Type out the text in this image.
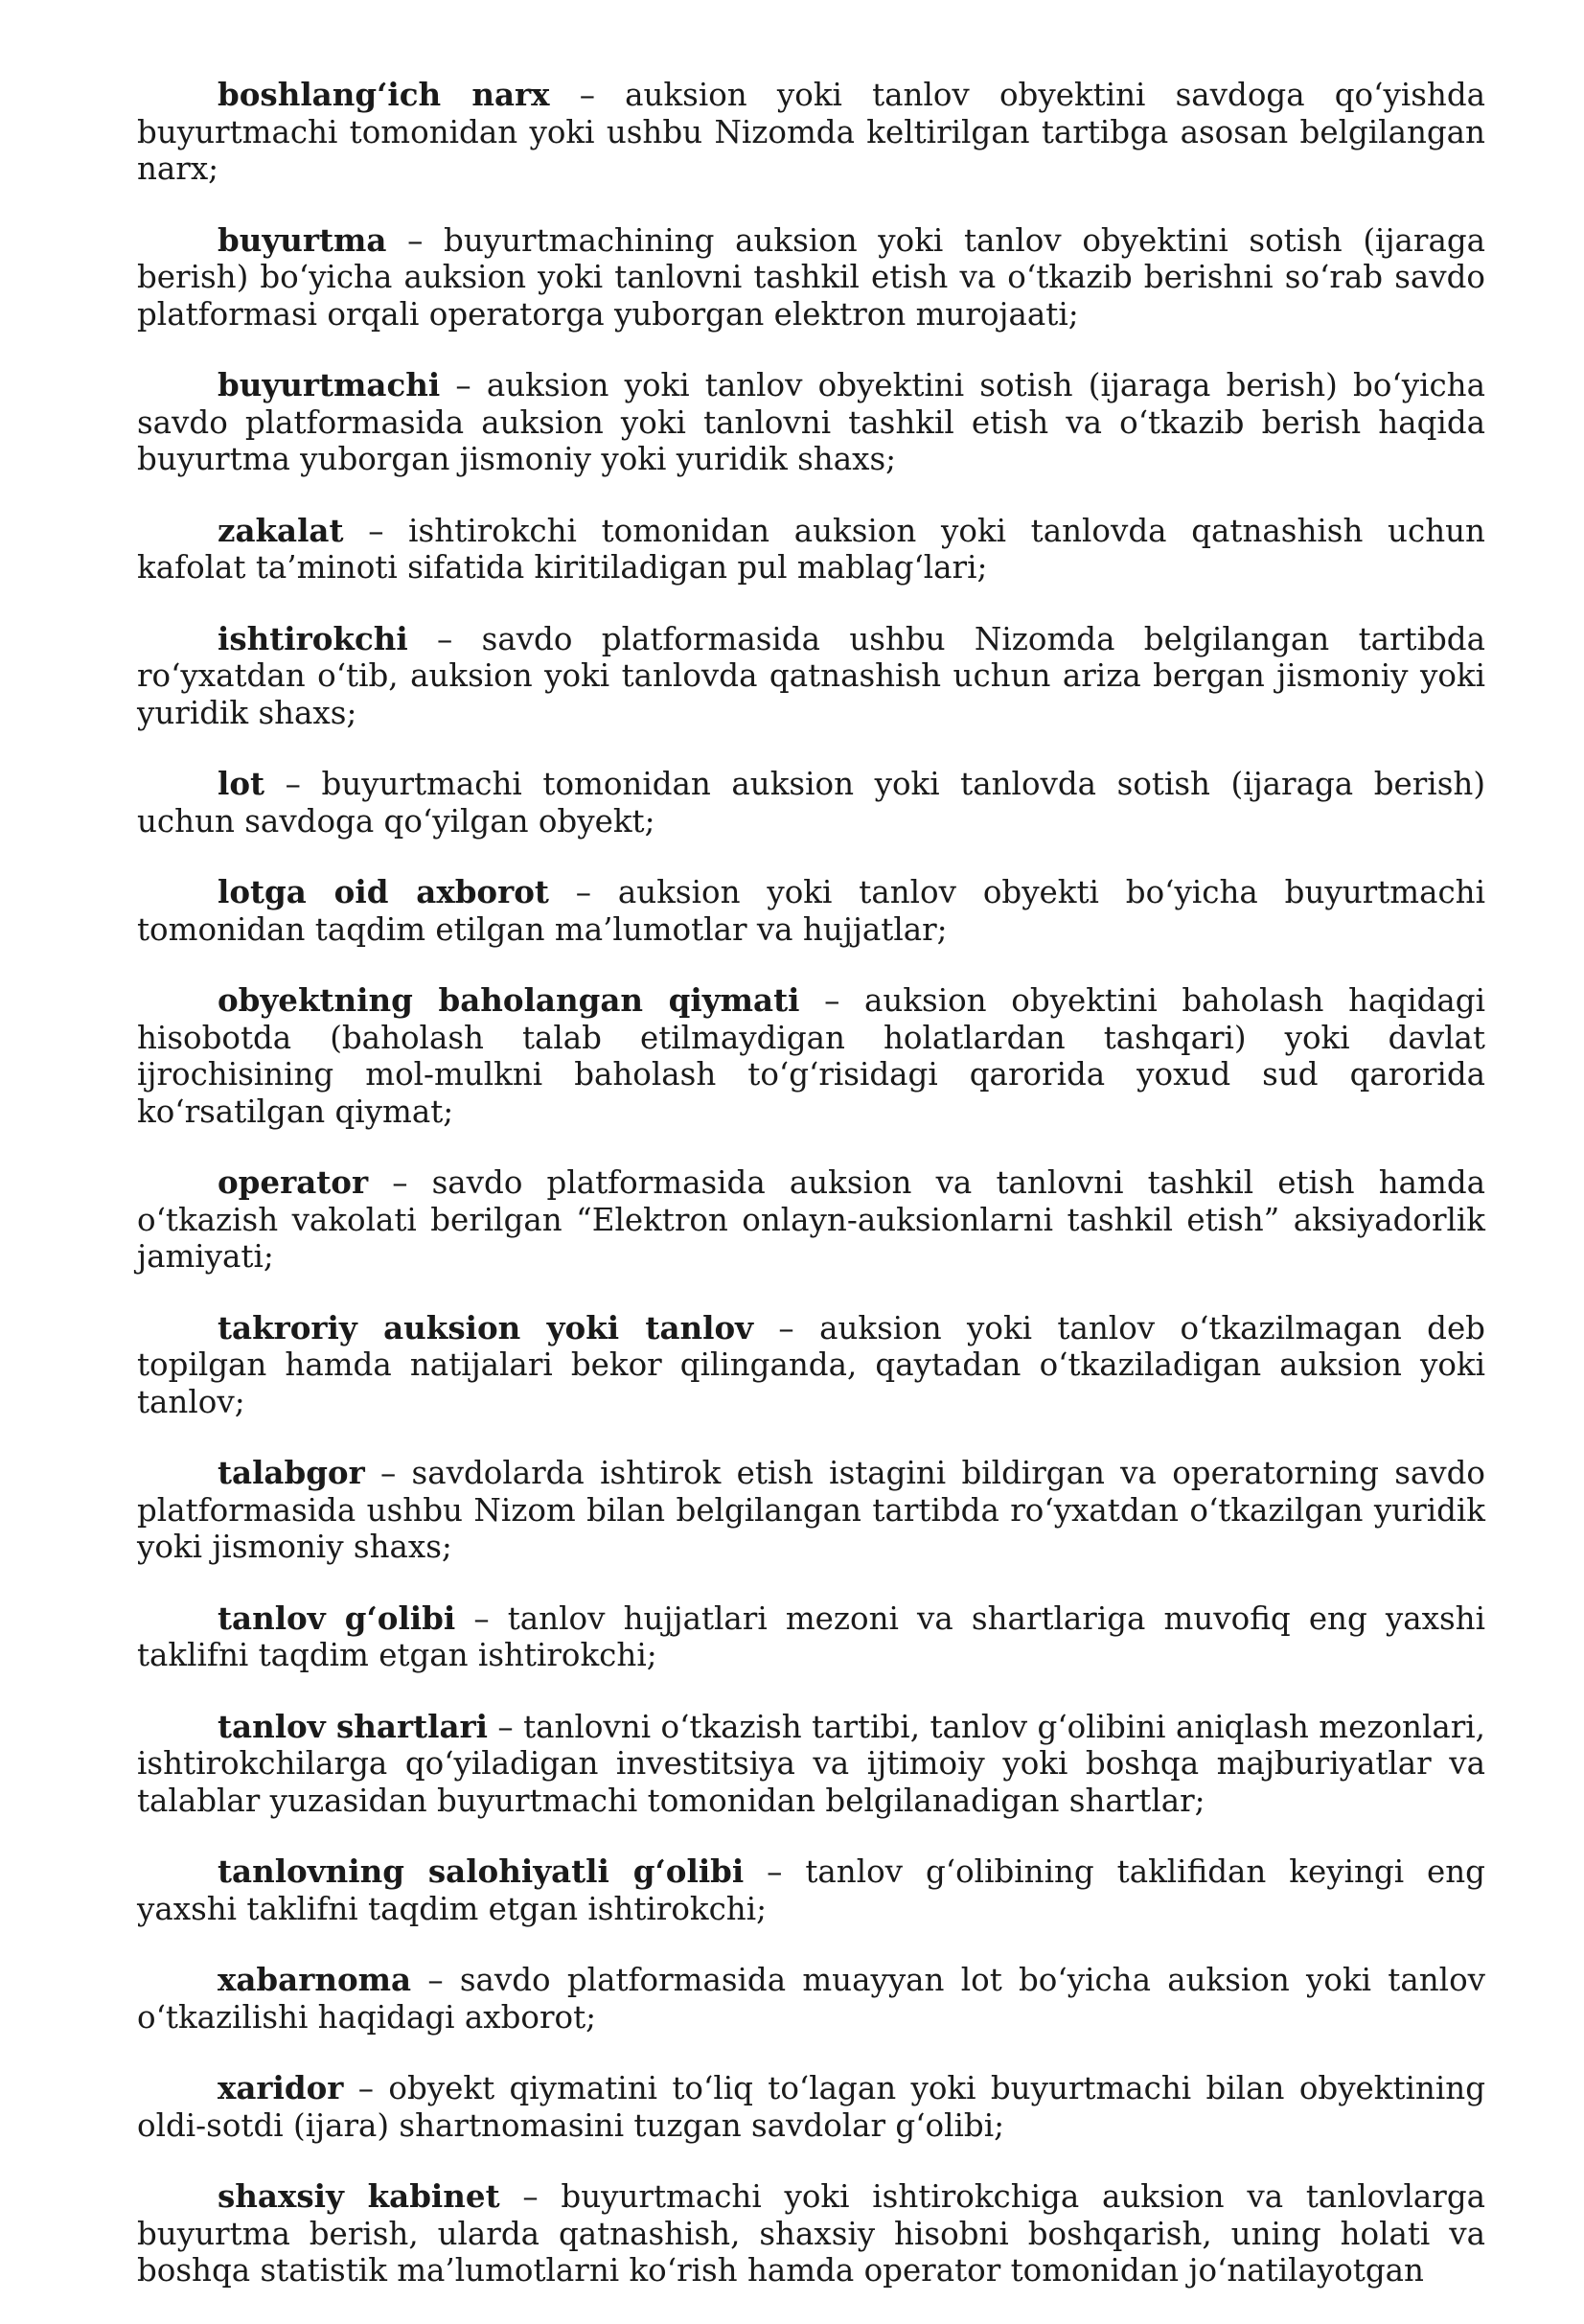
boshlang‘ich narx – auksion yoki tanlov obyektini savdoga qo‘yishda buyurtmachi tomonidan yoki ushbu Nizomda keltirilgan tartibga asosan belgilangan narx;

buyurtma – buyurtmachining auksion yoki tanlov obyektini sotish (ijaraga berish) bo‘yicha auksion yoki tanlovni tashkil etish va o‘tkazib berishni so‘rab savdo platformasi orqali operatorga yuborgan elektron murojaati;

buyurtmachi – auksion yoki tanlov obyektini sotish (ijaraga berish) bo‘yicha savdo platformasida auksion yoki tanlovni tashkil etish va o‘tkazib berish haqida buyurtma yuborgan jismoniy yoki yuridik shaxs;

zakalat – ishtirokchi tomonidan auksion yoki tanlovda qatnashish uchun kafolat ta’minoti sifatida kiritiladigan pul mablag‘lari;

ishtirokchi – savdo platformasida ushbu Nizomda belgilangan tartibda ro‘yxatdan o‘tib, auksion yoki tanlovda qatnashish uchun ariza bergan jismoniy yoki yuridik shaxs;

lot – buyurtmachi tomonidan auksion yoki tanlovda sotish (ijaraga berish) uchun savdoga qo‘yilgan obyekt;

lotga oid axborot – auksion yoki tanlov obyekti bo‘yicha buyurtmachi tomonidan taqdim etilgan ma’lumotlar va hujjatlar;

obyektning baholangan qiymati – auksion obyektini baholash haqidagi hisobotda (baholash talab etilmaydigan holatlardan tashqari) yoki davlat ijrochisining mol-mulkni baholash to‘g‘risidagi qarorida yoxud sud qarorida ko‘rsatilgan qiymat;

operator – savdo platformasida auksion va tanlovni tashkil etish hamda o‘tkazish vakolati berilgan “Elektron onlayn-auksionlarni tashkil etish” aksiyadorlik jamiyati;

takroriy auksion yoki tanlov – auksion yoki tanlov o‘tkazilmagan deb topilgan hamda natijalari bekor qilinganda, qaytadan o‘tkaziladigan auksion yoki tanlov;

talabgor – savdolarda ishtirok etish istagini bildirgan va operatorning savdo platformasida ushbu Nizom bilan belgilangan tartibda ro‘yxatdan o‘tkazilgan yuridik yoki jismoniy shaxs;

tanlov g‘olibi – tanlov hujjatlari mezoni va shartlariga muvofiq eng yaxshi taklifni taqdim etgan ishtirokchi;

tanlov shartlari – tanlovni o‘tkazish tartibi, tanlov g‘olibini aniqlash mezonlari, ishtirokchilarga qo‘yiladigan investitsiya va ijtimoiy yoki boshqa majburiyatlar va talablar yuzasidan buyurtmachi tomonidan belgilanadigan shartlar;

tanlovning salohiyatli g‘olibi – tanlov g‘olibining taklifidan keyingi eng yaxshi taklifni taqdim etgan ishtirokchi;

xabarnoma – savdo platformasida muayyan lot bo‘yicha auksion yoki tanlov o‘tkazilishi haqidagi axborot;

xaridor – obyekt qiymatini to‘liq to‘lagan yoki buyurtmachi bilan obyektining oldi-sotdi (ijara) shartnomasini tuzgan savdolar g‘olibi;

shaxsiy kabinet – buyurtmachi yoki ishtirokchiga auksion va tanlovlarga buyurtma berish, ularda qatnashish, shaxsiy hisobni boshqarish, uning holati va boshqa statistik ma’lumotlarni ko‘rish hamda operator tomonidan jo‘natilayotgan
